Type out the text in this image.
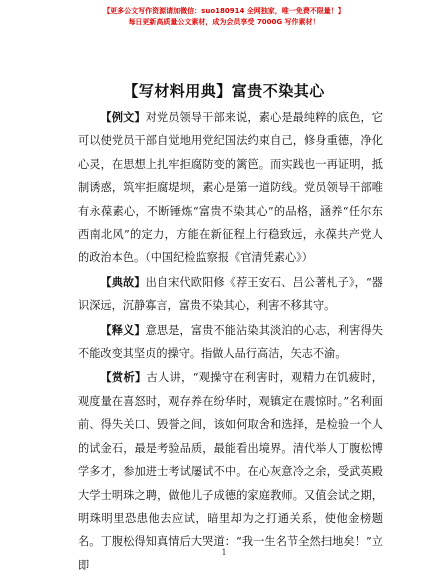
【更多公文写作资源请加微信：suo180914 全网独家，唯一免费不限量！】
每日更新高质量公文素材，成为会员享受 7000G 写作素材！
【写材料用典】富贵不染其心

【例文】对党员领导干部来说，素心是最纯粹的底色，它可以使党员干部自觉地用党纪国法约束自己，修身重德，净化心灵，在思想上扎牢拒腐防变的篱笆。而实践也一再证明，抵制诱惑，筑牢拒腐堤坝，素心是第一道防线。党员领导干部唯有永葆素心，不断锤炼“富贵不染其心”的品格，涵养“任尔东西南北风”的定力，方能在新征程上行稳致远，永葆共产党人的政治本色。（中国纪检监察报《官清凭素心》）

【典故】出自宋代欧阳修《荐王安石、吕公著札子》，“器识深远，沉静寡言，富贵不染其心，利害不移其守。

【释义】意思是，富贵不能沾染其淡泊的心志，利害得失不能改变其坚贞的操守。指做人品行高洁，矢志不渝。

【赏析】古人讲，“观操守在利害时，观精力在饥疲时，观度量在喜怒时，观存养在纷华时，观镇定在震惊时。”名利面前、得失关口、毁誉之间，该如何取舍和选择，是检验一个人的试金石，最是考验品质，最能看出境界。清代举人丁腹松博学多才，参加进士考试屡试不中。在心灰意冷之余，受武英殿大学士明珠之聘，做他儿子成德的家庭教师。又值会试之期，明珠明里恐患他去应试，暗里却为之打通关系，使他金榜题名。丁腹松得知真情后大哭道：“我一生名节全然扫地矣！”立即

1
